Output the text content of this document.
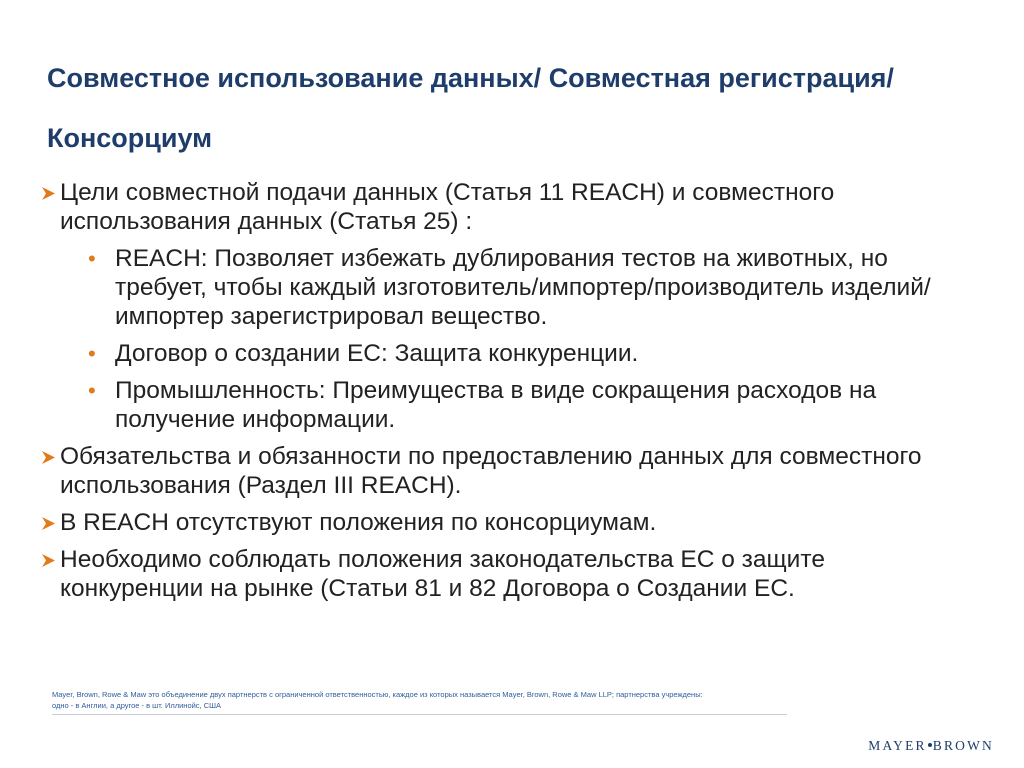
Совместное использование данных/ Совместная регистрация/Консорциум
Цели совместной подачи данных (Статья 11 REACH) и совместного использования данных (Статья 25) :
• REACH: Позволяет избежать дублирования тестов на животных, но требует, чтобы каждый изготовитель/импортер/производитель изделий/импортер зарегистрировал вещество.
• Договор о создании ЕС: Защита конкуренции.
• Промышленность: Преимущества в виде сокращения расходов на получение информации.
Обязательства и обязанности по предоставлению данных для совместного использования (Раздел III REACH).
В REACH отсутствуют положения по консорциумам.
Необходимо соблюдать положения законодательства ЕС о защите конкуренции на рынке (Статьи 81 и 82 Договора о Создании ЕС.

Mayer, Brown, Rowe & Maw это объединение двух партнерств с ограниченной ответственностью, каждое из которых называется Mayer, Brown, Rowe & Maw LLP; партнерства учреждены:

одно - в Англии, а другое - в шт. Иллинойс, США

MAYER BROWN
